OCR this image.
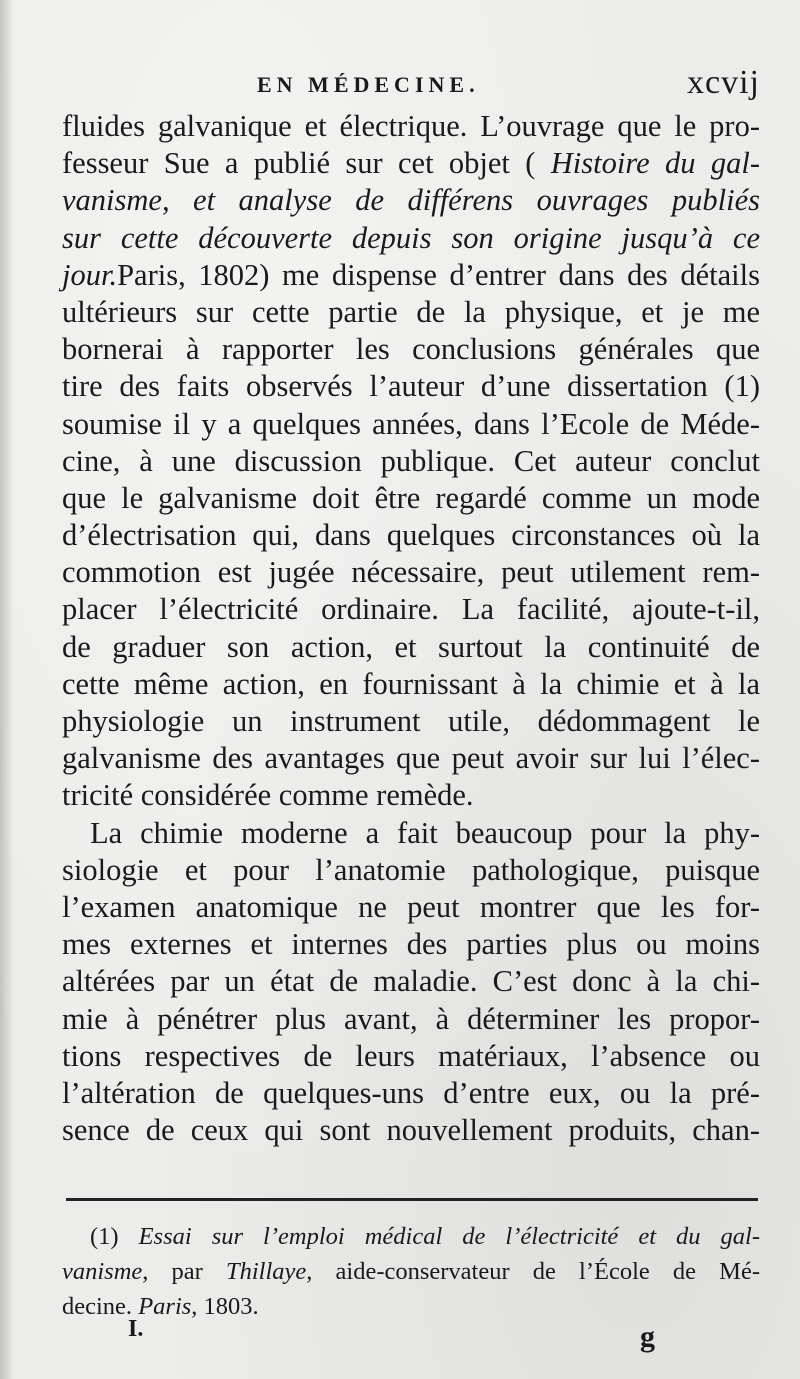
EN MÉDECINE.	xcvij
fluides galvanique et électrique. L’ouvrage que le pro-
fesseur Sue a publié sur cet objet ( Histoire du gal-
vanisme, et analyse de différens ouvrages publiés
sur cette découverte depuis son origine jusqu’à ce
jour.Paris, 1802) me dispense d’entrer dans des détails
ultérieurs sur cette partie de la physique, et je me
bornerai à rapporter les conclusions générales que
tire des faits observés l’auteur d’une dissertation (1)
soumise il y a quelques années, dans l’Ecole de Méde-
cine, à une discussion publique. Cet auteur conclut
que le galvanisme doit être regardé comme un mode
d’électrisation qui, dans quelques circonstances où la
commotion est jugée nécessaire, peut utilement rem-
placer l’électricité ordinaire. La facilité, ajoute-t-il,
de graduer son action, et surtout la continuité de
cette même action, en fournissant à la chimie et à la
physiologie un instrument utile, dédommagent le
galvanisme des avantages que peut avoir sur lui l’élec-
tricité considérée comme remède.
La chimie moderne a fait beaucoup pour la phy-
siologie et pour l’anatomie pathologique, puisque
l’examen anatomique ne peut montrer que les for-
mes externes et internes des parties plus ou moins
altérées par un état de maladie. C’est donc à la chi-
mie à pénétrer plus avant, à déterminer les propor-
tions respectives de leurs matériaux, l’absence ou
l’altération de quelques-uns d’entre eux, ou la pré-
sence de ceux qui sont nouvellement produits, chan-
(1) Essai sur l’emploi médical de l’électricité et du gal-
vanisme, par Thillaye, aide-conservateur de l’École de Mé-
decine. Paris, 1803.
I.	g
